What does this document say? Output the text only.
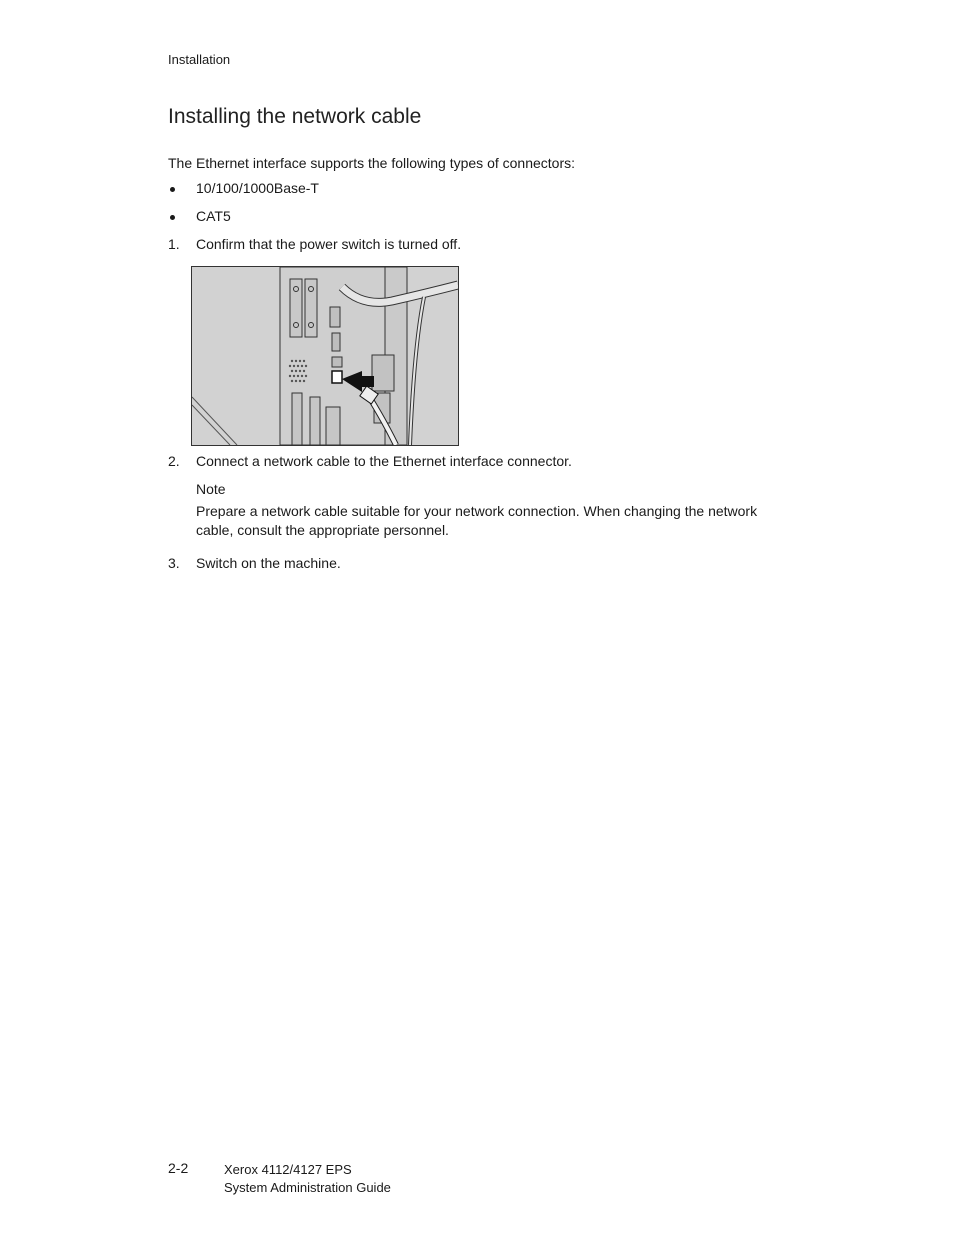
Installation
Installing the network cable
The Ethernet interface supports the following types of connectors:
10/100/1000Base-T
CAT5
1.	Confirm that the power switch is turned off.
2.	Connect a network cable to the Ethernet interface connector.
Note
Prepare a network cable suitable for your network connection. When changing the network cable, consult the appropriate personnel.
3.	Switch on the machine.
2-2	Xerox 4112/4127 EPS
System Administration Guide
